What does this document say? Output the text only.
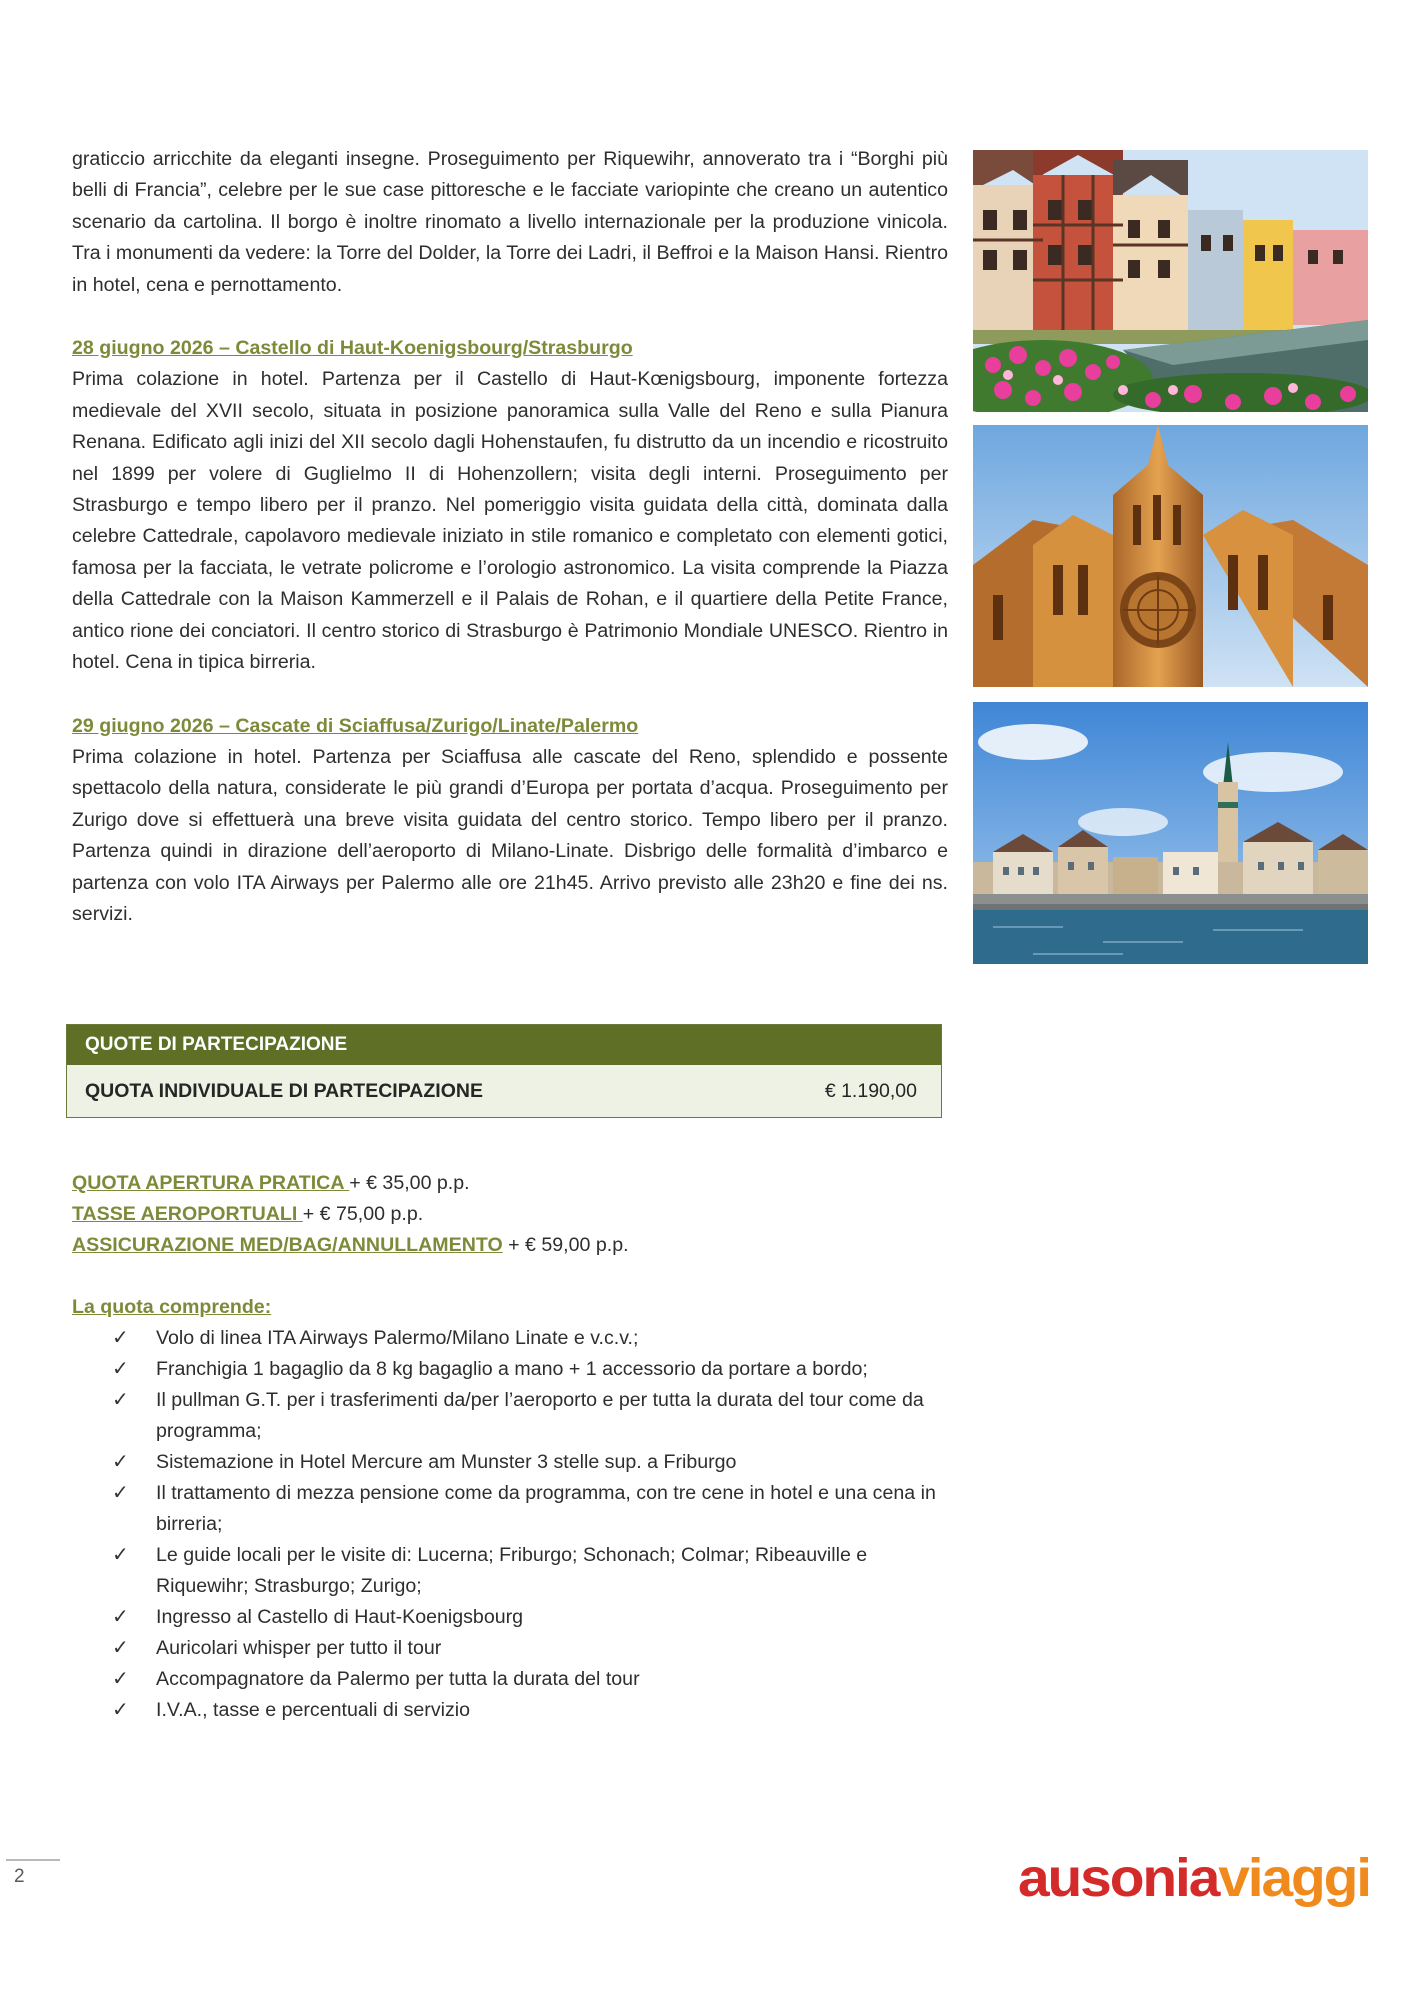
graticcio arricchite da eleganti insegne. Proseguimento per Riquewihr, annoverato tra i “Borghi più belli di Francia”, celebre per le sue case pittoresche e le facciate variopinte che creano un autentico scenario da cartolina. Il borgo è inoltre rinomato a livello internazionale per la produzione vinicola. Tra i monumenti da vedere: la Torre del Dolder, la Torre dei Ladri, il Beffroi e la Maison Hansi. Rientro in hotel, cena e pernottamento.

28 giugno 2026 – Castello di Haut-Koenigsbourg/Strasburgo

Prima colazione in hotel. Partenza per il Castello di Haut-Kœnigsbourg, imponente fortezza medievale del XVII secolo, situata in posizione panoramica sulla Valle del Reno e sulla Pianura Renana. Edificato agli inizi del XII secolo dagli Hohenstaufen, fu distrutto da un incendio e ricostruito nel 1899 per volere di Guglielmo II di Hohenzollern; visita degli interni. Proseguimento per Strasburgo e tempo libero per il pranzo. Nel pomeriggio visita guidata della città, dominata dalla celebre Cattedrale, capolavoro medievale iniziato in stile romanico e completato con elementi gotici, famosa per la facciata, le vetrate policrome e l’orologio astronomico. La visita comprende la Piazza della Cattedrale con la Maison Kammerzell e il Palais de Rohan, e il quartiere della Petite France, antico rione dei conciatori. Il centro storico di Strasburgo è Patrimonio Mondiale UNESCO. Rientro in hotel. Cena in tipica birreria.

29 giugno 2026 – Cascate di Sciaffusa/Zurigo/Linate/Palermo

Prima colazione in hotel. Partenza per Sciaffusa alle cascate del Reno, splendido e possente spettacolo della natura, considerate le più grandi d’Europa per portata d’acqua. Proseguimento per Zurigo dove si effettuerà una breve visita guidata del centro storico. Tempo libero per il pranzo. Partenza quindi in dirazione dell’aeroporto di Milano-Linate. Disbrigo delle formalità d’imbarco e partenza con volo ITA Airways per Palermo alle ore 21h45. Arrivo previsto alle 23h20 e fine dei ns. servizi.

QUOTE DI PARTECIPAZIONE
QUOTA INDIVIDUALE DI PARTECIPAZIONE	€ 1.190,00
QUOTA APERTURA PRATICA + € 35,00 p.p.
TASSE AEROPORTUALI + € 75,00 p.p.
ASSICURAZIONE MED/BAG/ANNULLAMENTO + € 59,00 p.p.
La quota comprende:
✓ Volo di linea ITA Airways Palermo/Milano Linate e v.c.v.;
✓ Franchigia 1 bagaglio da 8 kg bagaglio a mano + 1 accessorio da portare a bordo;
✓ Il pullman G.T. per i trasferimenti da/per l’aeroporto e per tutta la durata del tour come da programma;
✓ Sistemazione in Hotel Mercure am Munster 3 stelle sup. a Friburgo
✓ Il trattamento di mezza pensione come da programma, con tre cene in hotel e una cena in birreria;
✓ Le guide locali per le visite di: Lucerna; Friburgo; Schonach; Colmar; Ribeauville e Riquewihr; Strasburgo; Zurigo;
✓ Ingresso al Castello di Haut-Koenigsbourg
✓ Auricolari whisper per tutto il tour
✓ Accompagnatore da Palermo per tutta la durata del tour
✓ I.V.A., tasse e percentuali di servizio
2	ausonia viaggi
